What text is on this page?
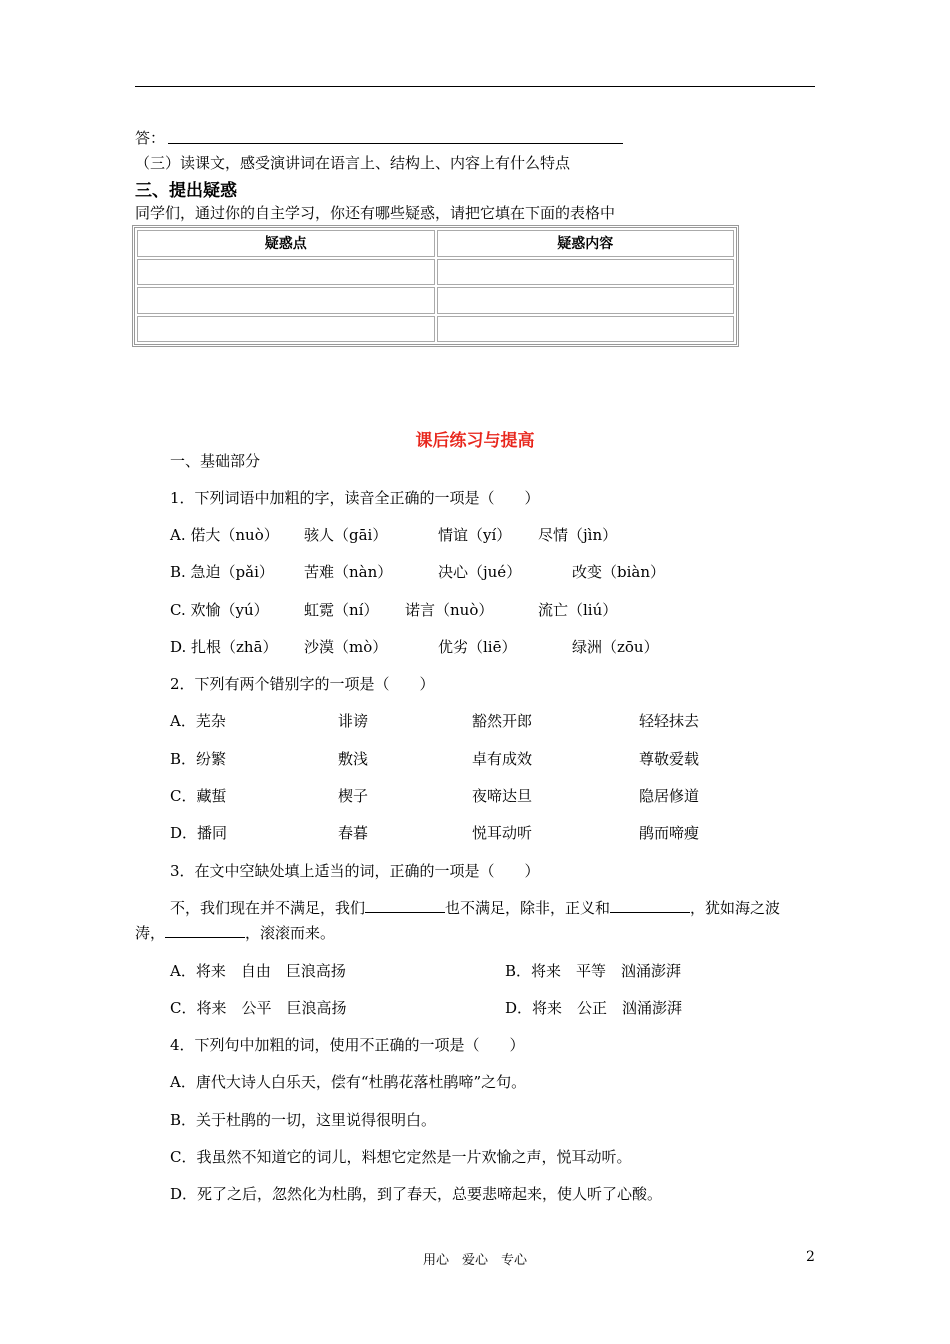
答：
（三）读课文，感受演讲词在语言上、结构上、内容上有什么特点
三、提出疑惑
同学们，通过你的自主学习，你还有哪些疑惑，请把它填在下面的表格中
疑惑点	疑惑内容

课后练习与提高
一、基础部分
1．下列词语中加粗的字，读音全正确的一项是（　　）
A. 偌大（nuò） 骇人（gāi）	情谊（yí） 尽情（jìn）
B. 急迫（pǎi） 苦难（nàn）	决心（jué）	改变（biàn）
C. 欢愉（yú） 虹霓（ní） 诺言（nuò）	流亡（liú）
D. 扎根（zhā） 沙漠（mò）	优劣（liē）	绿洲（zōu）
2．下列有两个错别字的一项是（　　）
A．芜杂	诽谤	豁然开郎	轻轻抹去
B．纷繁	敷浅	卓有成效	尊敬爱载
C．藏蜇	楔子	夜啼达旦	隐居修道
D．播同	春暮	悦耳动听	鹃而啼瘦
3．在文中空缺处填上适当的词，正确的一项是（　　）
不，我们现在并不满足，我们	也不满足，除非，正义和	，犹如海之波
涛，	，滚滚而来。
A．将来　自由　巨浪高扬	B．将来　平等　汹涌澎湃
C．将来　公平　巨浪高扬	D．将来　公正　汹涌澎湃
4．下列句中加粗的词，使用不正确的一项是（　　）
A．唐代大诗人白乐天，偿有“杜鹃花落杜鹃啼”之句。
B．关于杜鹃的一切，这里说得很明白。
C．我虽然不知道它的词儿，料想它定然是一片欢愉之声，悦耳动听。
D．死了之后，忽然化为杜鹃，到了春天，总要悲啼起来，使人听了心酸。
用心　爱心　专心	2
